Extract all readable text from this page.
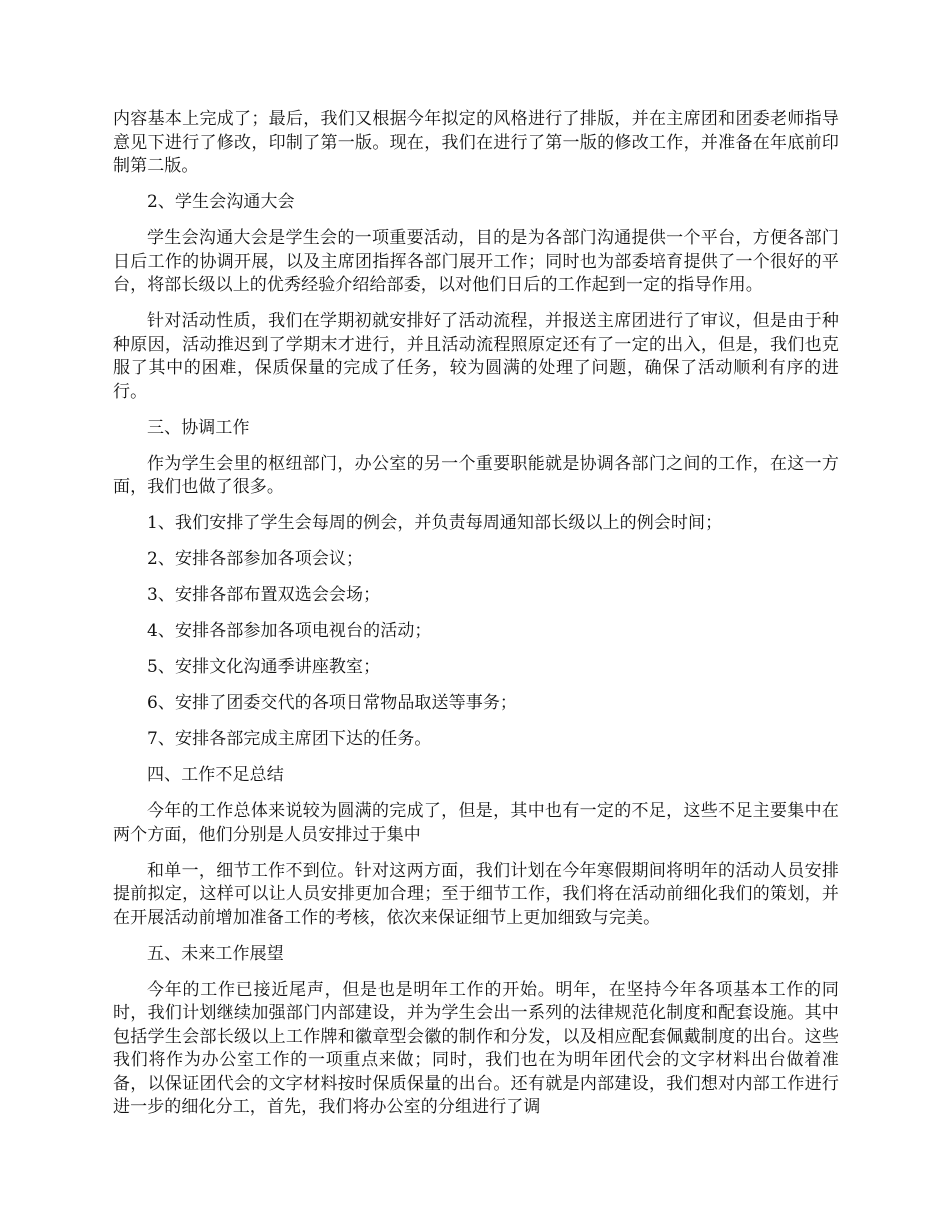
内容基本上完成了；最后，我们又根据今年拟定的风格进行了排版，并在主席团和团委老师指导意见下进行了修改，印制了第一版。现在，我们在进行了第一版的修改工作，并准备在年底前印制第二版。

2、学生会沟通大会

学生会沟通大会是学生会的一项重要活动，目的是为各部门沟通提供一个平台，方便各部门日后工作的协调开展，以及主席团指挥各部门展开工作；同时也为部委培育提供了一个很好的平台，将部长级以上的优秀经验介绍给部委，以对他们日后的工作起到一定的指导作用。

针对活动性质，我们在学期初就安排好了活动流程，并报送主席团进行了审议，但是由于种种原因，活动推迟到了学期末才进行，并且活动流程照原定还有了一定的出入，但是，我们也克服了其中的困难，保质保量的完成了任务，较为圆满的处理了问题，确保了活动顺利有序的进行。

三、协调工作

作为学生会里的枢纽部门，办公室的另一个重要职能就是协调各部门之间的工作，在这一方面，我们也做了很多。

1、我们安排了学生会每周的例会，并负责每周通知部长级以上的例会时间；

2、安排各部参加各项会议；

3、安排各部布置双选会会场；

4、安排各部参加各项电视台的活动；

5、安排文化沟通季讲座教室；

6、安排了团委交代的各项日常物品取送等事务；

7、安排各部完成主席团下达的任务。

四、工作不足总结

今年的工作总体来说较为圆满的完成了，但是，其中也有一定的不足，这些不足主要集中在两个方面，他们分别是人员安排过于集中

和单一，细节工作不到位。针对这两方面，我们计划在今年寒假期间将明年的活动人员安排提前拟定，这样可以让人员安排更加合理；至于细节工作，我们将在活动前细化我们的策划，并在开展活动前增加准备工作的考核，依次来保证细节上更加细致与完美。

五、未来工作展望

今年的工作已接近尾声，但是也是明年工作的开始。明年，在坚持今年各项基本工作的同时，我们计划继续加强部门内部建设，并为学生会出一系列的法律规范化制度和配套设施。其中包括学生会部长级以上工作牌和徽章型会徽的制作和分发，以及相应配套佩戴制度的出台。这些我们将作为办公室工作的一项重点来做；同时，我们也在为明年团代会的文字材料出台做着准备，以保证团代会的文字材料按时保质保量的出台。还有就是内部建设，我们想对内部工作进行进一步的细化分工，首先，我们将办公室的分组进行了调
